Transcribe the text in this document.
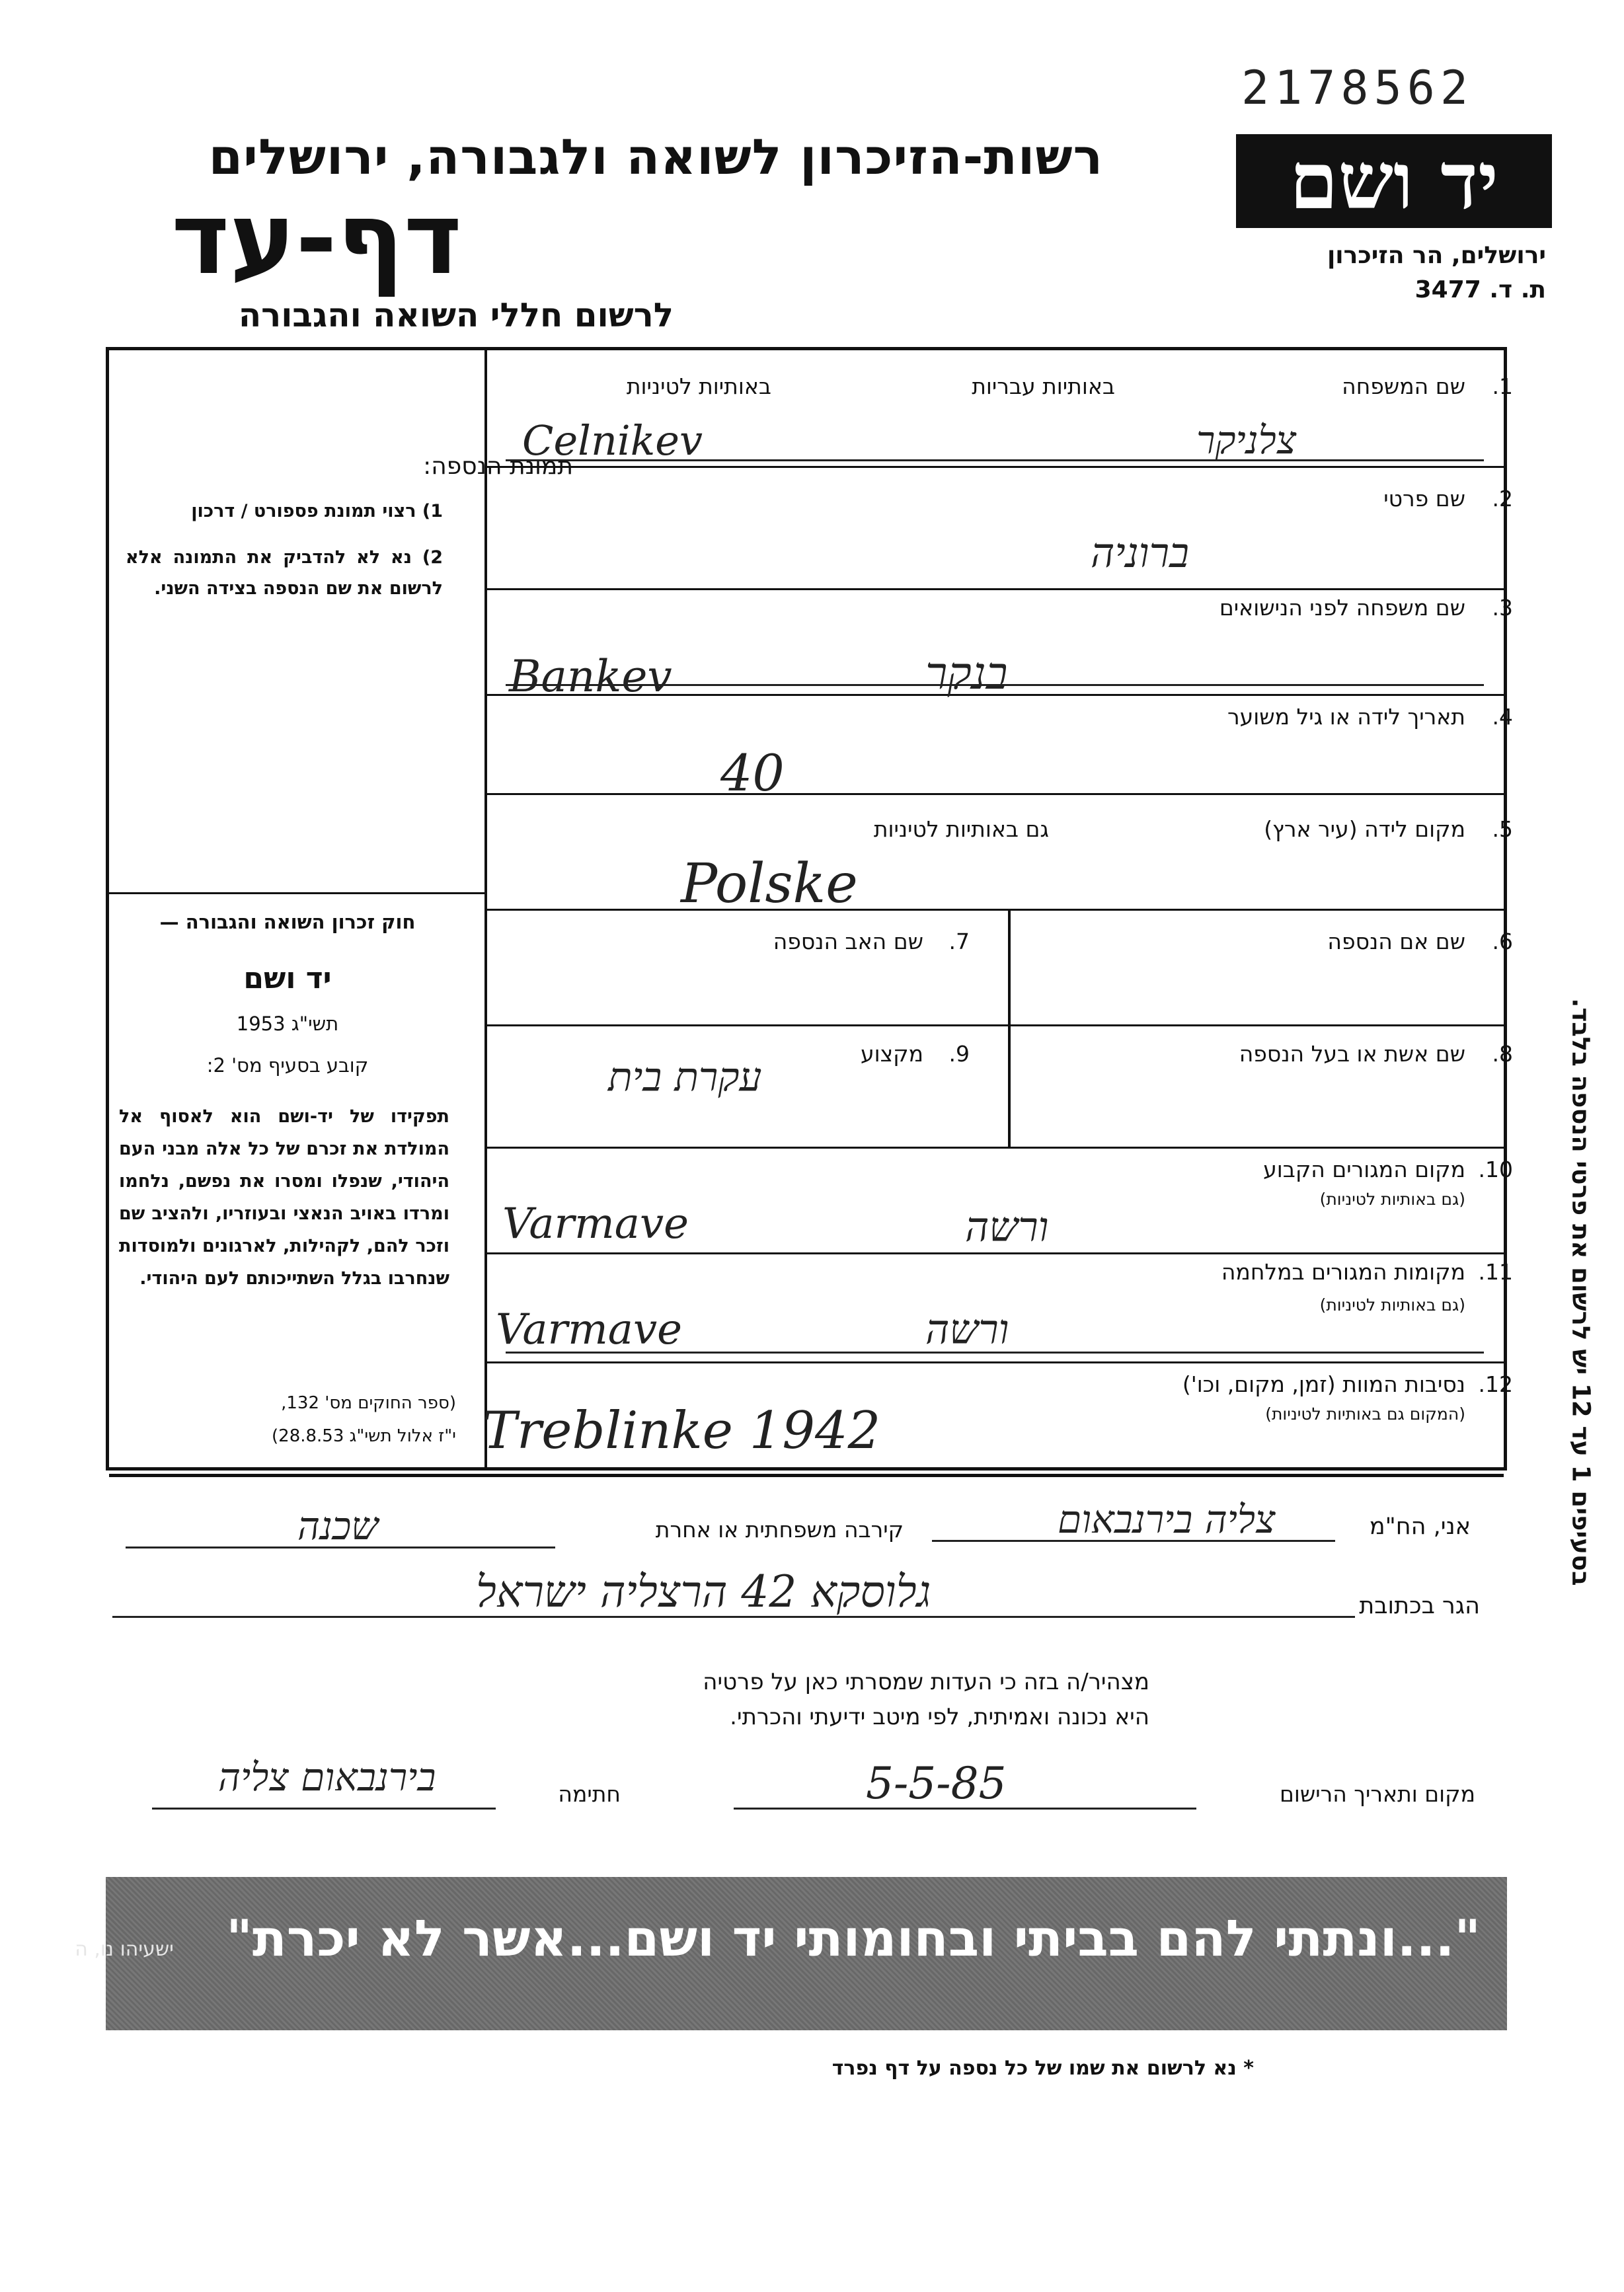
2178562
יד ושם
ירושלים, הר הזיכרון
ת. ד. 3477
רשות-הזיכרון לשואה ולגבורה, ירושלים
דף-עד
לרשום חללי השואה והגבורה
בסעיפים 1 עד 12 יש לרשום את פרטי הנספה בלבד.
תמונת הנספה:
1) רצוי תמונת פספורט / דרכון
2) נא לא להדביק את התמונה אלא לרשום את שם הנספה בצידה השני.
חוק זכרון השואה והגבורה —
יד ושם
תשי"ג 1953
קובע בסעיף מס' 2:
תפקידו של יד-ושם הוא לאסוף אל המולדת את זכרם של כל אלה מבני העם היהודי, שנפלו ומסרו את נפשם, נלחמו ומרדו באויב הנאצי ובעוזריו, ולהציב שם וזכר להם, לקהילות, לארגונים ולמוסדות שנחרבו בגלל השתייכותם לעם היהודי.
(ספר החוקים מס' 132,
י"ז אלול תשי"ג 28.8.53)
1.
שם המשפחה
באותיות עבריות
באותיות לטיניות
צלניקר
Celnikev
2.
שם פרטי
ברוניה
3.
שם משפחה לפני הנישואים
בנקר
Bankev
4.
תאריך לידה או גיל משוער
40
5.
מקום לידה (עיר ארץ)
גם באותיות לטיניות
Polske
6.
שם אם הנספה
7.
שם האב הנספה
8.
שם אשת או בעל הנספה
9.
מקצוע
עקרת בית
10.
מקום המגורים הקבוע
(גם באותיות לטיניות)
ורשה
Varmave
11.
מקומות המגורים במלחמה
(גם באותיות לטיניות)
ורשה
Varmave
12.
נסיבות המוות (זמן, מקום, וכו')
(המקום גם באותיות לטיניות)
Treblinke 1942
אני, הח"מ
צליה בירנבאום
קירבה משפחתית או אחרת
שכנה
הגר בכתובת
גלוסקא 42 הרצליה ישראל
מצהיר/ה בזה כי העדות שמסרתי כאן על פרטיה
היא נכונה ואמיתית, לפי מיטב ידיעתי והכרתי.
מקום ותאריך הרישום
5-5-85
חתימה
בירנבאום צליה
"...ונתתי להם בביתי ובחומותי יד ושם...אשר לא יכרת"   ישעיהו נו, ה
* נא לרשום את שמו של כל נספה על דף נפרד
